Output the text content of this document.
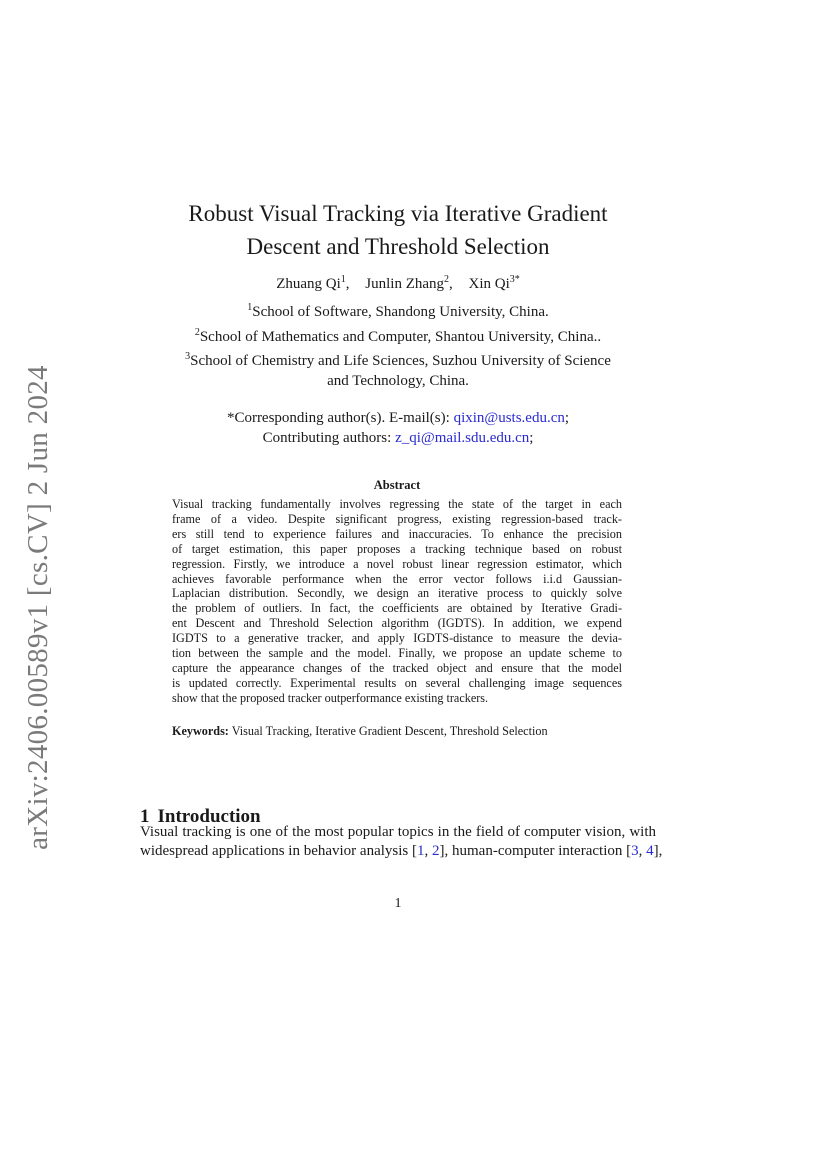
arXiv:2406.00589v1 [cs.CV] 2 Jun 2024
Robust Visual Tracking via Iterative Gradient
Descent and Threshold Selection
Zhuang Qi$^1$, Junlin Zhang$^2$, Xin $Qi^{3*}$
$^1$School of Software, Shandong University, China.
$^2$School of Mathematics and Computer, Shantou University, China..
$^3$School of Chemistry and Life Sciences, Suzhou University of Science
and Technology, China.
*Corresponding author(s). E-mail(s): qixin@usts.edu.cn;
Contributing authors: z_qi@mail.sdu.edu.cn;
Abstract
Visual tracking fundamentally involves regressing the state of the target in each
frame of a video. Despite significant progress, existing regression-based track-
ers still tend to experience failures and inaccuracies. To enhance the precision
of target estimation, this paper proposes a tracking technique based on robust
regression. Firstly, we introduce a novel robust linear regression estimator, which
achieves favorable performance when the error vector follows i.i.d Gaussian-
Laplacian distribution. Secondly, we design an iterative process to quickly solve
the problem of outliers. In fact, the coefficients are obtained by Iterative Gradi-
ent Descent and Threshold Selection algorithm (IGDTS). In addition, we expend
IGDTS to a generative tracker, and apply IGDTS-distance to measure the devia-
tion between the sample and the model. Finally, we propose an update scheme to
capture the appearance changes of the tracked object and ensure that the model
is updated correctly. Experimental results on several challenging image sequences
show that the proposed tracker outperformance existing trackers.
Keywords: Visual Tracking, Iterative Gradient Descent, Threshold Selection
1 Introduction
Visual tracking is one of the most popular topics in the field of computer vision, with
widespread applications in behavior analysis [1, 2], human-computer interaction [3, 4],
1
